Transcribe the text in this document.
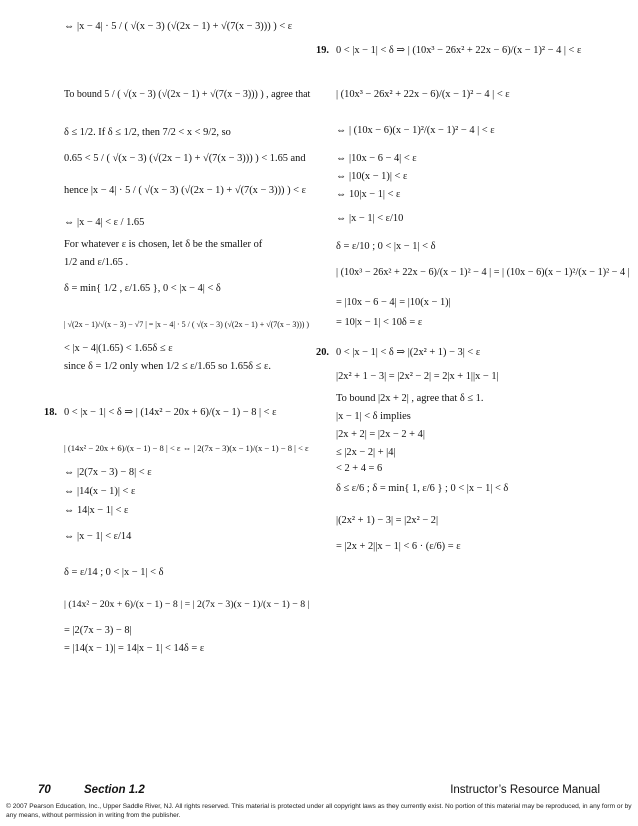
⇔ |x − 4| · 5 / ( √(x − 3) (√(2x − 1) + √(7(x − 3))) ) < ε
To bound 5 / ( √(x − 3) (√(2x − 1) + √(7(x − 3))) ) , agree that
δ ≤ 1/2. If δ ≤ 1/2, then 7/2 < x < 9/2, so
0.65 < 5 / ( √(x − 3) (√(2x − 1) + √(7(x − 3))) ) < 1.65 and
hence |x − 4| · 5 / ( √(x − 3) (√(2x − 1) + √(7(x − 3))) ) < ε
⇔ |x − 4| < ε / 1.65
For whatever ε is chosen, let δ be the smaller of
1/2 and ε/1.65 .
δ = min{ 1/2 , ε/1.65 }, 0 < |x − 4| < δ
| √(2x − 1)/√(x − 3) − √7 | = |x − 4| · 5 / ( √(x − 3) (√(2x − 1) + √(7(x − 3))) )
< |x − 4|(1.65) < 1.65δ ≤ ε
since δ = 1/2 only when 1/2 ≤ ε/1.65 so 1.65δ ≤ ε.
18. 0 < |x − 1| < δ ⇒ | (14x² − 20x + 6)/(x − 1) − 8 | < ε
| (14x² − 20x + 6)/(x − 1) − 8 | < ε ⇔ | 2(7x − 3)(x − 1)/(x − 1) − 8 | < ε
⇔ |2(7x − 3) − 8| < ε
⇔ |14(x − 1)| < ε
⇔ 14|x − 1| < ε
⇔ |x − 1| < ε/14
δ = ε/14 ; 0 < |x − 1| < δ
| (14x² − 20x + 6)/(x − 1) − 8 | = | 2(7x − 3)(x − 1)/(x − 1) − 8 |
= |2(7x − 3) − 8|
= |14(x − 1)| = 14|x − 1| < 14δ = ε
19. 0 < |x − 1| < δ ⇒ | (10x³ − 26x² + 22x − 6)/(x − 1)² − 4 | < ε
| (10x³ − 26x² + 22x − 6)/(x − 1)² − 4 | < ε
⇔ | (10x − 6)(x − 1)²/(x − 1)² − 4 | < ε
⇔ |10x − 6 − 4| < ε
⇔ |10(x − 1)| < ε
⇔ 10|x − 1| < ε
⇔ |x − 1| < ε/10
δ = ε/10 ; 0 < |x − 1| < δ
| (10x³ − 26x² + 22x − 6)/(x − 1)² − 4 | = | (10x − 6)(x − 1)²/(x − 1)² − 4 |
= |10x − 6 − 4| = |10(x − 1)|
= 10|x − 1| < 10δ = ε
20. 0 < |x − 1| < δ ⇒ |(2x² + 1) − 3| < ε
|2x² + 1 − 3| = |2x² − 2| = 2|x + 1||x − 1|
To bound |2x + 2| , agree that δ ≤ 1.
|x − 1| < δ implies
|2x + 2| = |2x − 2 + 4|
≤ |2x − 2| + |4|
< 2 + 4 = 6
δ ≤ ε/6 ; δ = min{ 1, ε/6 } ; 0 < |x − 1| < δ
|(2x² + 1) − 3| = |2x² − 2|
= |2x + 2||x − 1| < 6 · (ε/6) = ε
70	Section 1.2	Instructor’s Resource Manual
© 2007 Pearson Education, Inc., Upper Saddle River, NJ. All rights reserved. This material is protected under all copyright laws as they currently exist. No portion of this material may be reproduced, in any form or by any means, without permission in writing from the publisher.
